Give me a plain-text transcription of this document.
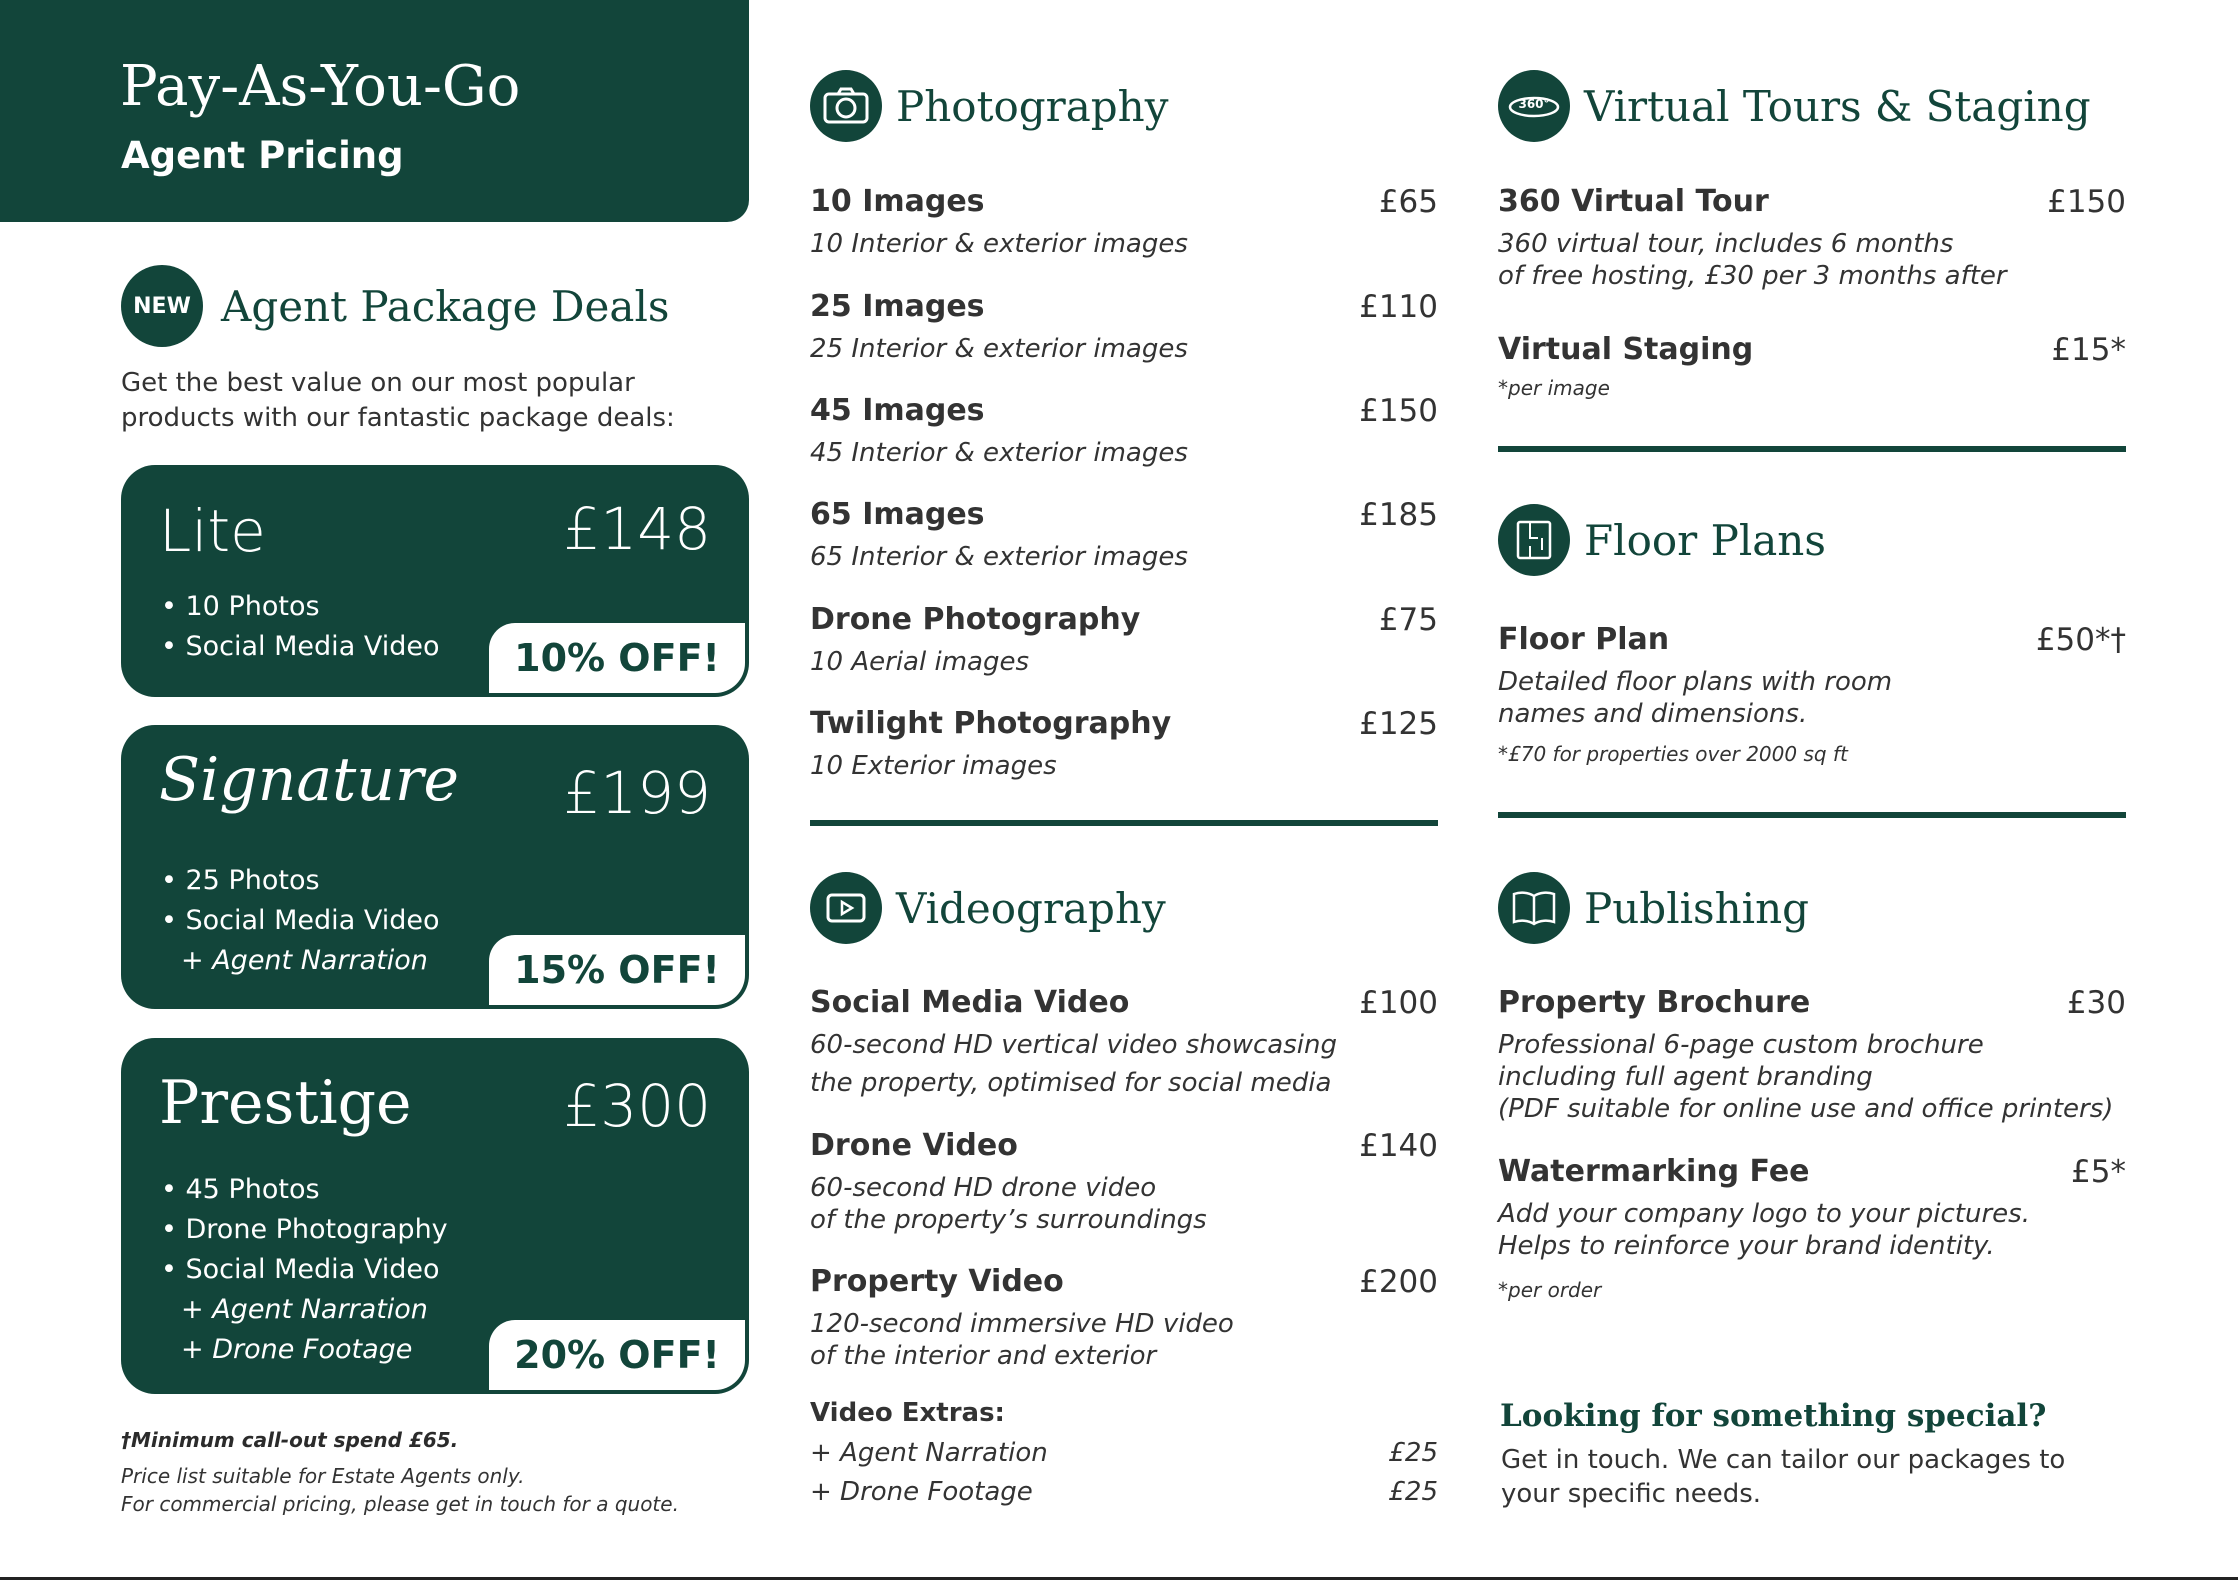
Pay-As-You-Go
Agent Pricing
NEW Agent Package Deals
Get the best value on our most popular
products with our fantastic package deals:
Lite	£148
• 10 Photos
• Social Media Video	10% OFF!
Signature £199
• 25 Photos
• Social Media Video
+ Agent Narration	15% OFF!
Prestige	£300
• 45 Photos
• Drone Photography
• Social Media Video
+ Agent Narration
+ Drone Footage	20% OFF!
†Minimum call-out spend £65.
Price list suitable for Estate Agents only.
For commercial pricing, please get in touch for a quote.
Photography
10 Images	£65
10 Interior & exterior images
25 Images	£110
25 Interior & exterior images
45 Images	£150
45 Interior & exterior images
65 Images	£185
65 Interior & exterior images
Drone Photography	£75
10 Aerial images
Twilight Photography	£125
10 Exterior images
Videography
Social Media Video	£100
60-second HD vertical video showcasing
the property, optimised for social media
Drone Video	£140
60-second HD drone video
of the property’s surroundings
Property Video	£200
120-second immersive HD video
of the interior and exterior
Video Extras:
+ Agent Narration	£25
+ Drone Footage	£25
360° Virtual Tours & Staging
360 Virtual Tour	£150
360 virtual tour, includes 6 months
of free hosting, £30 per 3 months after
Virtual Staging	£15*
*per image
Floor Plans
Floor Plan	£50*†
Detailed floor plans with room
names and dimensions.
*£70 for properties over 2000 sq ft
Publishing
Property Brochure	£30
Professional 6-page custom brochure
including full agent branding
(PDF suitable for online use and office printers)
Watermarking Fee	£5*
Add your company logo to your pictures.
Helps to reinforce your brand identity.
*per order
Looking for something special?
Get in touch. We can tailor our packages to
your specific needs.
